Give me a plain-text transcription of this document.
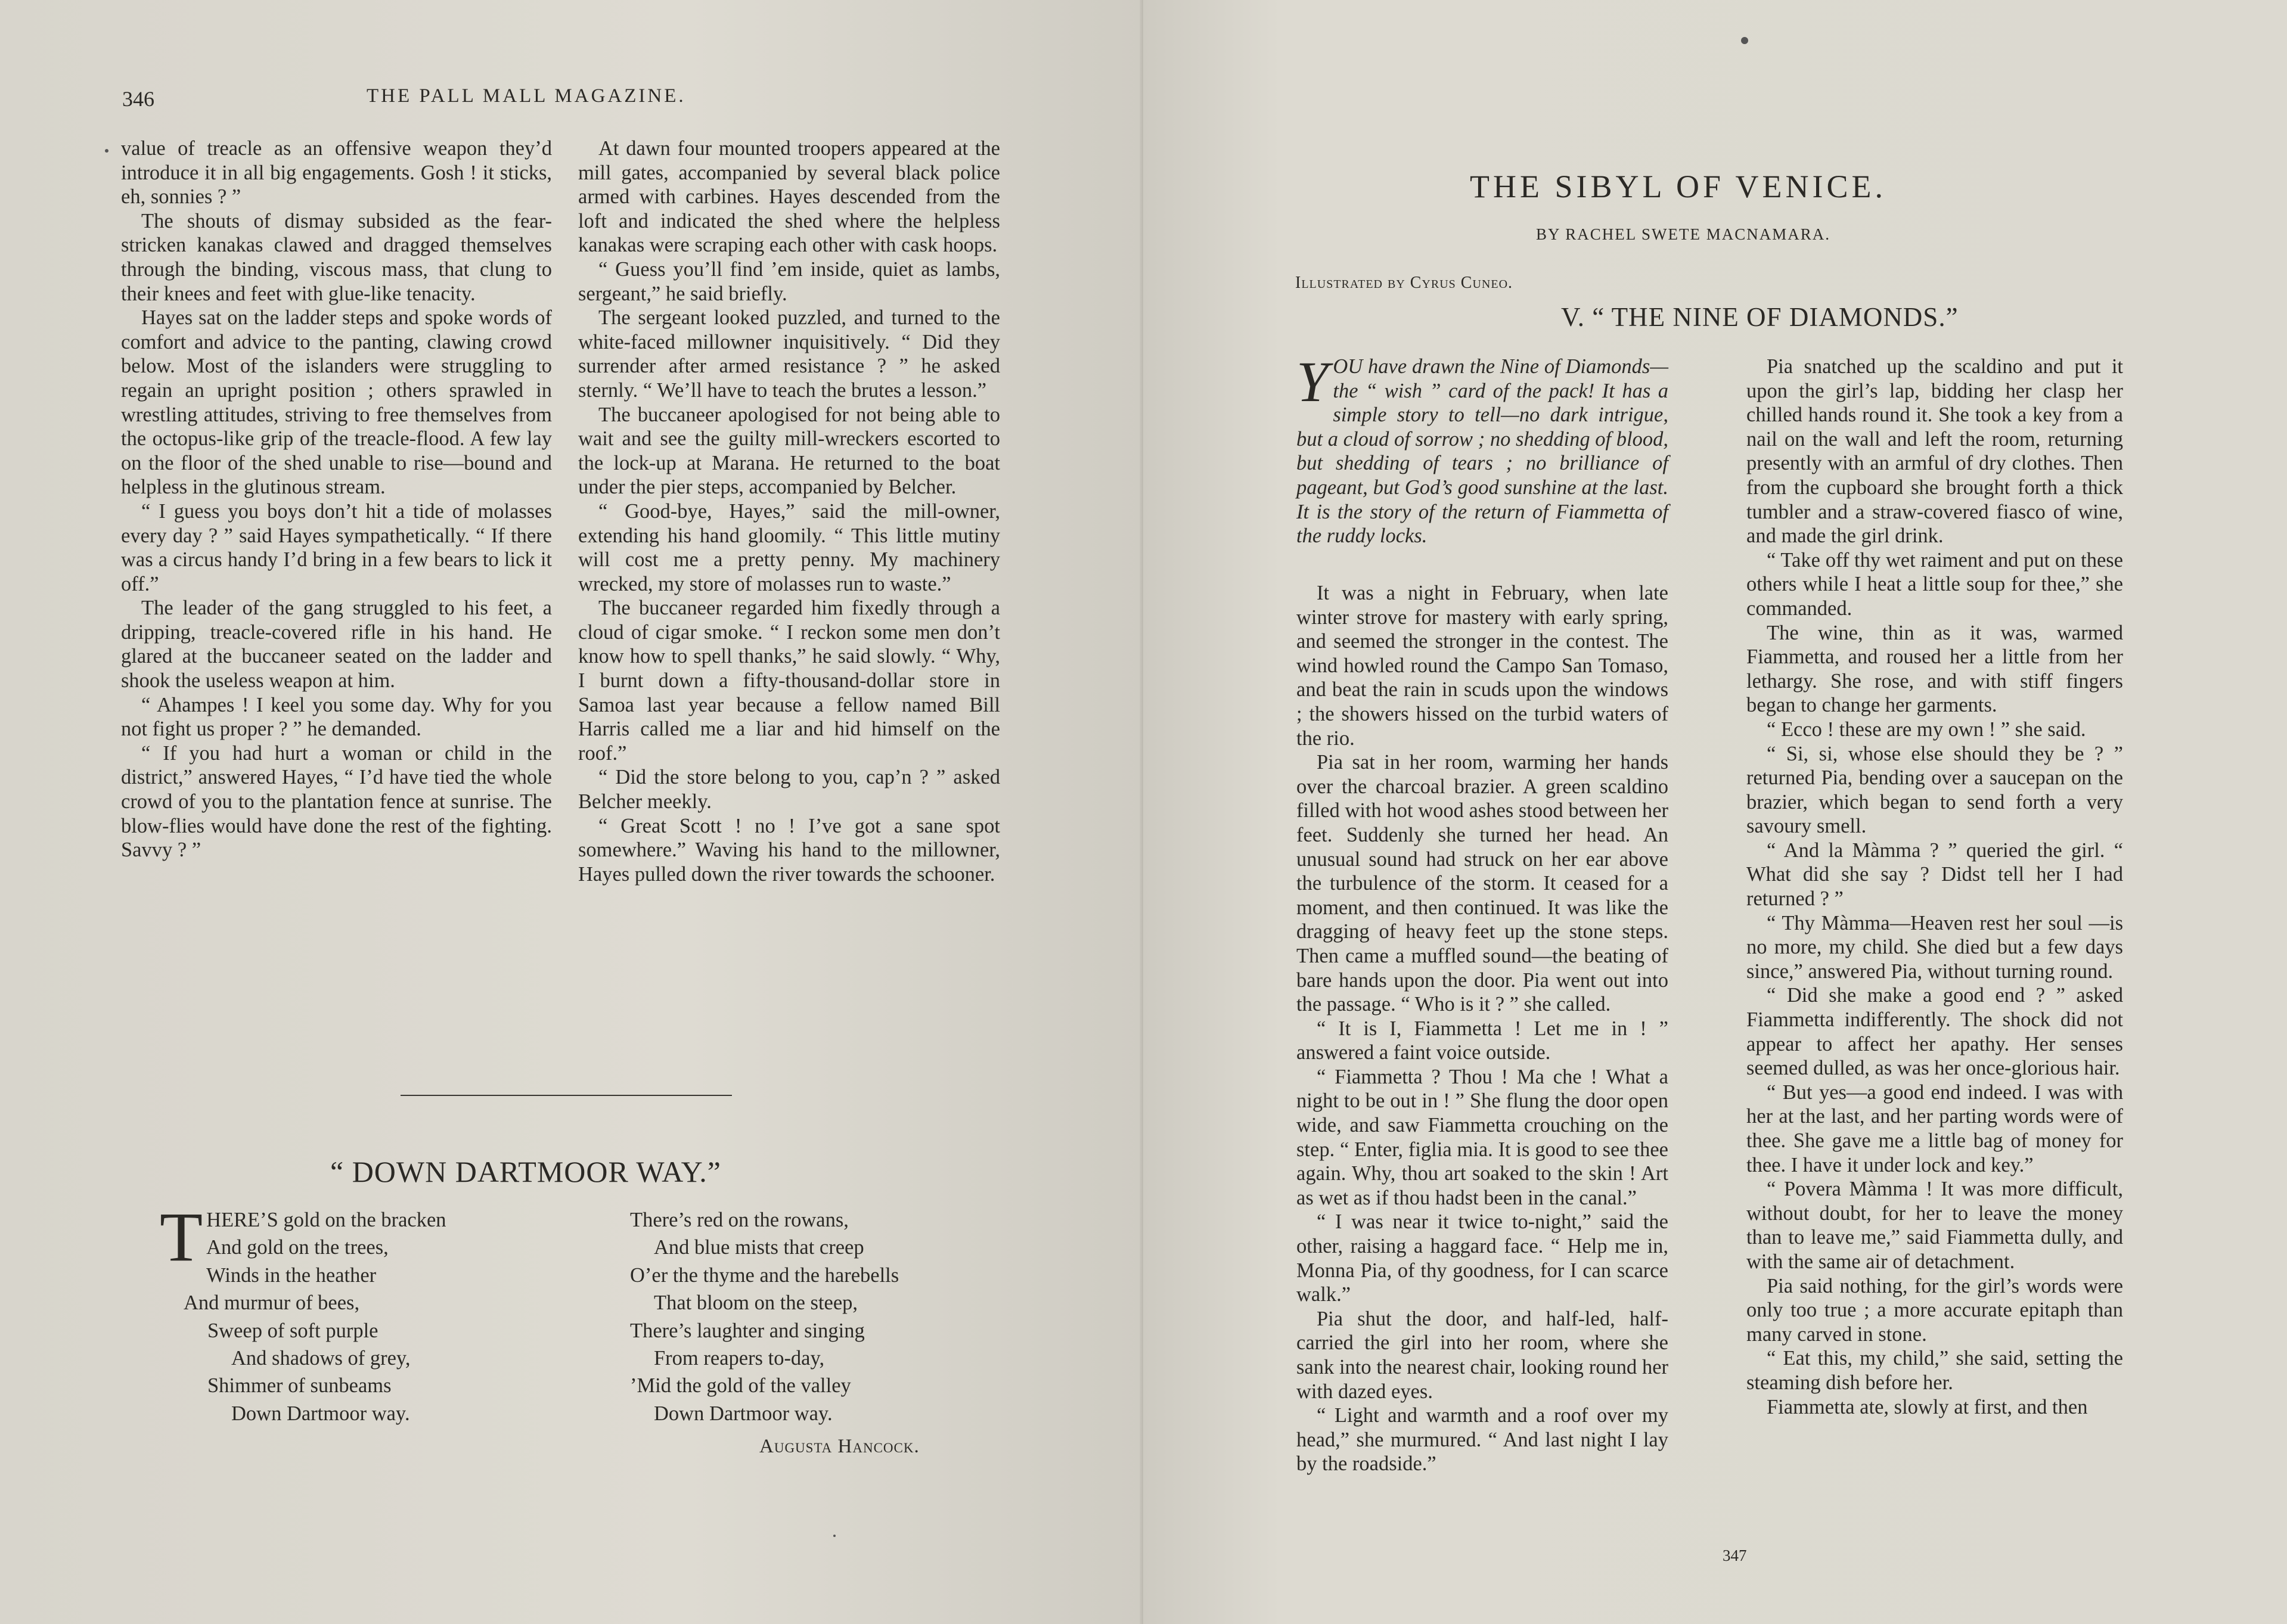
346	THE PALL MALL MAGAZINE.

value of treacle as an offensive weapon they’d introduce it in all big engagements. Gosh ! it sticks, eh, sonnies ? ”

The shouts of dismay subsided as the fear-stricken kanakas clawed and dragged themselves through the binding, viscous mass, that clung to their knees and feet with glue-like tenacity.

Hayes sat on the ladder steps and spoke words of comfort and advice to the panting, clawing crowd below. Most of the islanders were struggling to regain an upright position ; others sprawled in wrestling attitudes, striving to free themselves from the octopus-like grip of the treacle-flood. A few lay on the floor of the shed unable to rise—bound and helpless in the glutinous stream.

“ I guess you boys don’t hit a tide of molasses every day ? ” said Hayes sympathetically. “ If there was a circus handy I’d bring in a few bears to lick it off.”

The leader of the gang struggled to his feet, a dripping, treacle-covered rifle in his hand. He glared at the buccaneer seated on the ladder and shook the useless weapon at him.

“ Ahampes ! I keel you some day. Why for you not fight us proper ? ” he demanded.

“ If you had hurt a woman or child in the district,” answered Hayes, “ I’d have tied the whole crowd of you to the plantation fence at sunrise. The blow-flies would have done the rest of the fighting. Savvy ? ”

At dawn four mounted troopers appeared at the mill gates, accompanied by several black police armed with carbines. Hayes descended from the loft and indicated the shed where the helpless kanakas were scraping each other with cask hoops.

“ Guess you’ll find ’em inside, quiet as lambs, sergeant,” he said briefly.

The sergeant looked puzzled, and turned to the white-faced millowner inquisitively. “ Did they surrender after armed resistance ? ” he asked sternly. “ We’ll have to teach the brutes a lesson.”

The buccaneer apologised for not being able to wait and see the guilty mill-wreckers escorted to the lock-up at Marana. He returned to the boat under the pier steps, accompanied by Belcher.

“ Good-bye, Hayes,” said the mill-owner, extending his hand gloomily. “ This little mutiny will cost me a pretty penny. My machinery wrecked, my store of molasses run to waste.”

The buccaneer regarded him fixedly through a cloud of cigar smoke. “ I reckon some men don’t know how to spell thanks,” he said slowly. “ Why, I burnt down a fifty-thousand-dollar store in Samoa last year because a fellow named Bill Harris called me a liar and hid himself on the roof.”

“ Did the store belong to you, cap’n ? ” asked Belcher meekly.

“ Great Scott ! no ! I’ve got a sane spot somewhere.” Waving his hand to the millowner, Hayes pulled down the river towards the schooner.

“ DOWN DARTMOOR WAY.”
T HERE’S gold on the bracken
And gold on the trees,
Winds in the heather
And murmur of bees,
Sweep of soft purple
And shadows of grey,
Shimmer of sunbeams
Down Dartmoor way.
There’s red on the rowans,
And blue mists that creep
O’er the thyme and the harebells
That bloom on the steep,
There’s laughter and singing
From reapers to-day,
’Mid the gold of the valley
Down Dartmoor way.
Augusta Hancock.
THE SIBYL OF VENICE.
BY RACHEL SWETE MACNAMARA.
Illustrated by Cyrus Cuneo.
V. “ THE NINE OF DIAMONDS.”
Y OU have drawn the Nine of Diamonds—the “ wish ” card of the pack! It has a simple story to tell—no dark intrigue, but a cloud of sorrow ; no shedding of blood, but shedding of tears ; no brilliance of pageant, but God’s good sunshine at the last. It is the story of the return of Fiammetta of the ruddy locks.

It was a night in February, when late winter strove for mastery with early spring, and seemed the stronger in the contest. The wind howled round the Campo San Tomaso, and beat the rain in scuds upon the windows ; the showers hissed on the turbid waters of the rio.

Pia sat in her room, warming her hands over the charcoal brazier. A green scaldino filled with hot wood ashes stood between her feet. Suddenly she turned her head. An unusual sound had struck on her ear above the turbulence of the storm. It ceased for a moment, and then continued. It was like the dragging of heavy feet up the stone steps. Then came a muffled sound—the beating of bare hands upon the door. Pia went out into the passage. “ Who is it ? ” she called.

“ It is I, Fiammetta ! Let me in ! ” answered a faint voice outside.

“ Fiammetta ? Thou ! Ma che ! What a night to be out in ! ” She flung the door open wide, and saw Fiammetta crouching on the step. “ Enter, figlia mia. It is good to see thee again. Why, thou art soaked to the skin ! Art as wet as if thou hadst been in the canal.”

“ I was near it twice to-night,” said the other, raising a haggard face. “ Help me in, Monna Pia, of thy goodness, for I can scarce walk.”

Pia shut the door, and half-led, half-carried the girl into her room, where she sank into the nearest chair, looking round her with dazed eyes.

“ Light and warmth and a roof over my head,” she murmured. “ And last night I lay by the roadside.”

Pia snatched up the scaldino and put it upon the girl’s lap, bidding her clasp her chilled hands round it. She took a key from a nail on the wall and left the room, returning presently with an armful of dry clothes. Then from the cupboard she brought forth a thick tumbler and a straw-covered fiasco of wine, and made the girl drink.

“ Take off thy wet raiment and put on these others while I heat a little soup for thee,” she commanded.

The wine, thin as it was, warmed Fiammetta, and roused her a little from her lethargy. She rose, and with stiff fingers began to change her garments.

“ Ecco ! these are my own ! ” she said.

“ Si, si, whose else should they be ? ” returned Pia, bending over a saucepan on the brazier, which began to send forth a very savoury smell.

“ And la Màmma ? ” queried the girl. “ What did she say ? Didst tell her I had returned ? ”

“ Thy Màmma—Heaven rest her soul —is no more, my child. She died but a few days since,” answered Pia, without turning round.

“ Did she make a good end ? ” asked Fiammetta indifferently. The shock did not appear to affect her apathy. Her senses seemed dulled, as was her once-glorious hair.

“ But yes—a good end indeed. I was with her at the last, and her parting words were of thee. She gave me a little bag of money for thee. I have it under lock and key.”

“ Povera Màmma ! It was more difficult, without doubt, for her to leave the money than to leave me,” said Fiammetta dully, and with the same air of detachment.

Pia said nothing, for the girl’s words were only too true ; a more accurate epitaph than many carved in stone.

“ Eat this, my child,” she said, setting the steaming dish before her.

Fiammetta ate, slowly at first, and then

347
